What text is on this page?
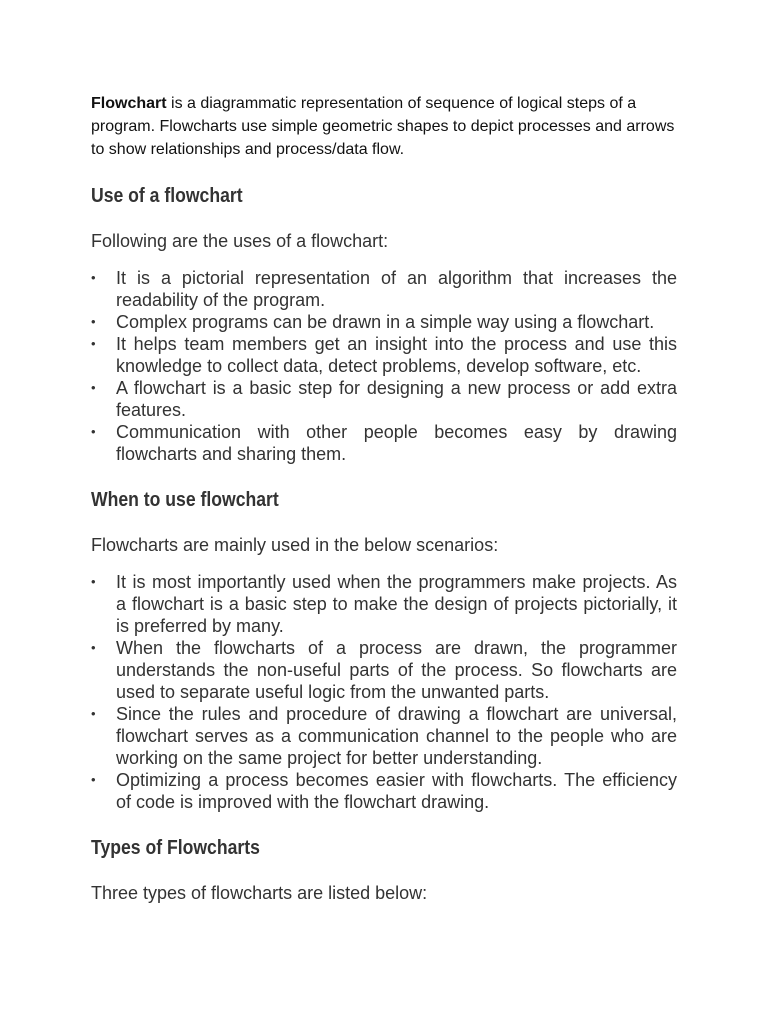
Flowchart is a diagrammatic representation of sequence of logical steps of a program. Flowcharts use simple geometric shapes to depict processes and arrows to show relationships and process/data flow.

Use of a flowchart

Following are the uses of a flowchart:

• It is a pictorial representation of an algorithm that increases the readability of the program.
• Complex programs can be drawn in a simple way using a flowchart.
• It helps team members get an insight into the process and use this knowledge to collect data, detect problems, develop software, etc.
• A flowchart is a basic step for designing a new process or add extra features.
• Communication with other people becomes easy by drawing flowcharts and sharing them.
When to use flowchart

Flowcharts are mainly used in the below scenarios:

• It is most importantly used when the programmers make projects. As a flowchart is a basic step to make the design of projects pictorially, it is preferred by many.
• When the flowcharts of a process are drawn, the programmer understands the non-useful parts of the process. So flowcharts are used to separate useful logic from the unwanted parts.
• Since the rules and procedure of drawing a flowchart are universal, flowchart serves as a communication channel to the people who are working on the same project for better understanding.
• Optimizing a process becomes easier with flowcharts. The efficiency of code is improved with the flowchart drawing.
Types of Flowcharts

Three types of flowcharts are listed below:
